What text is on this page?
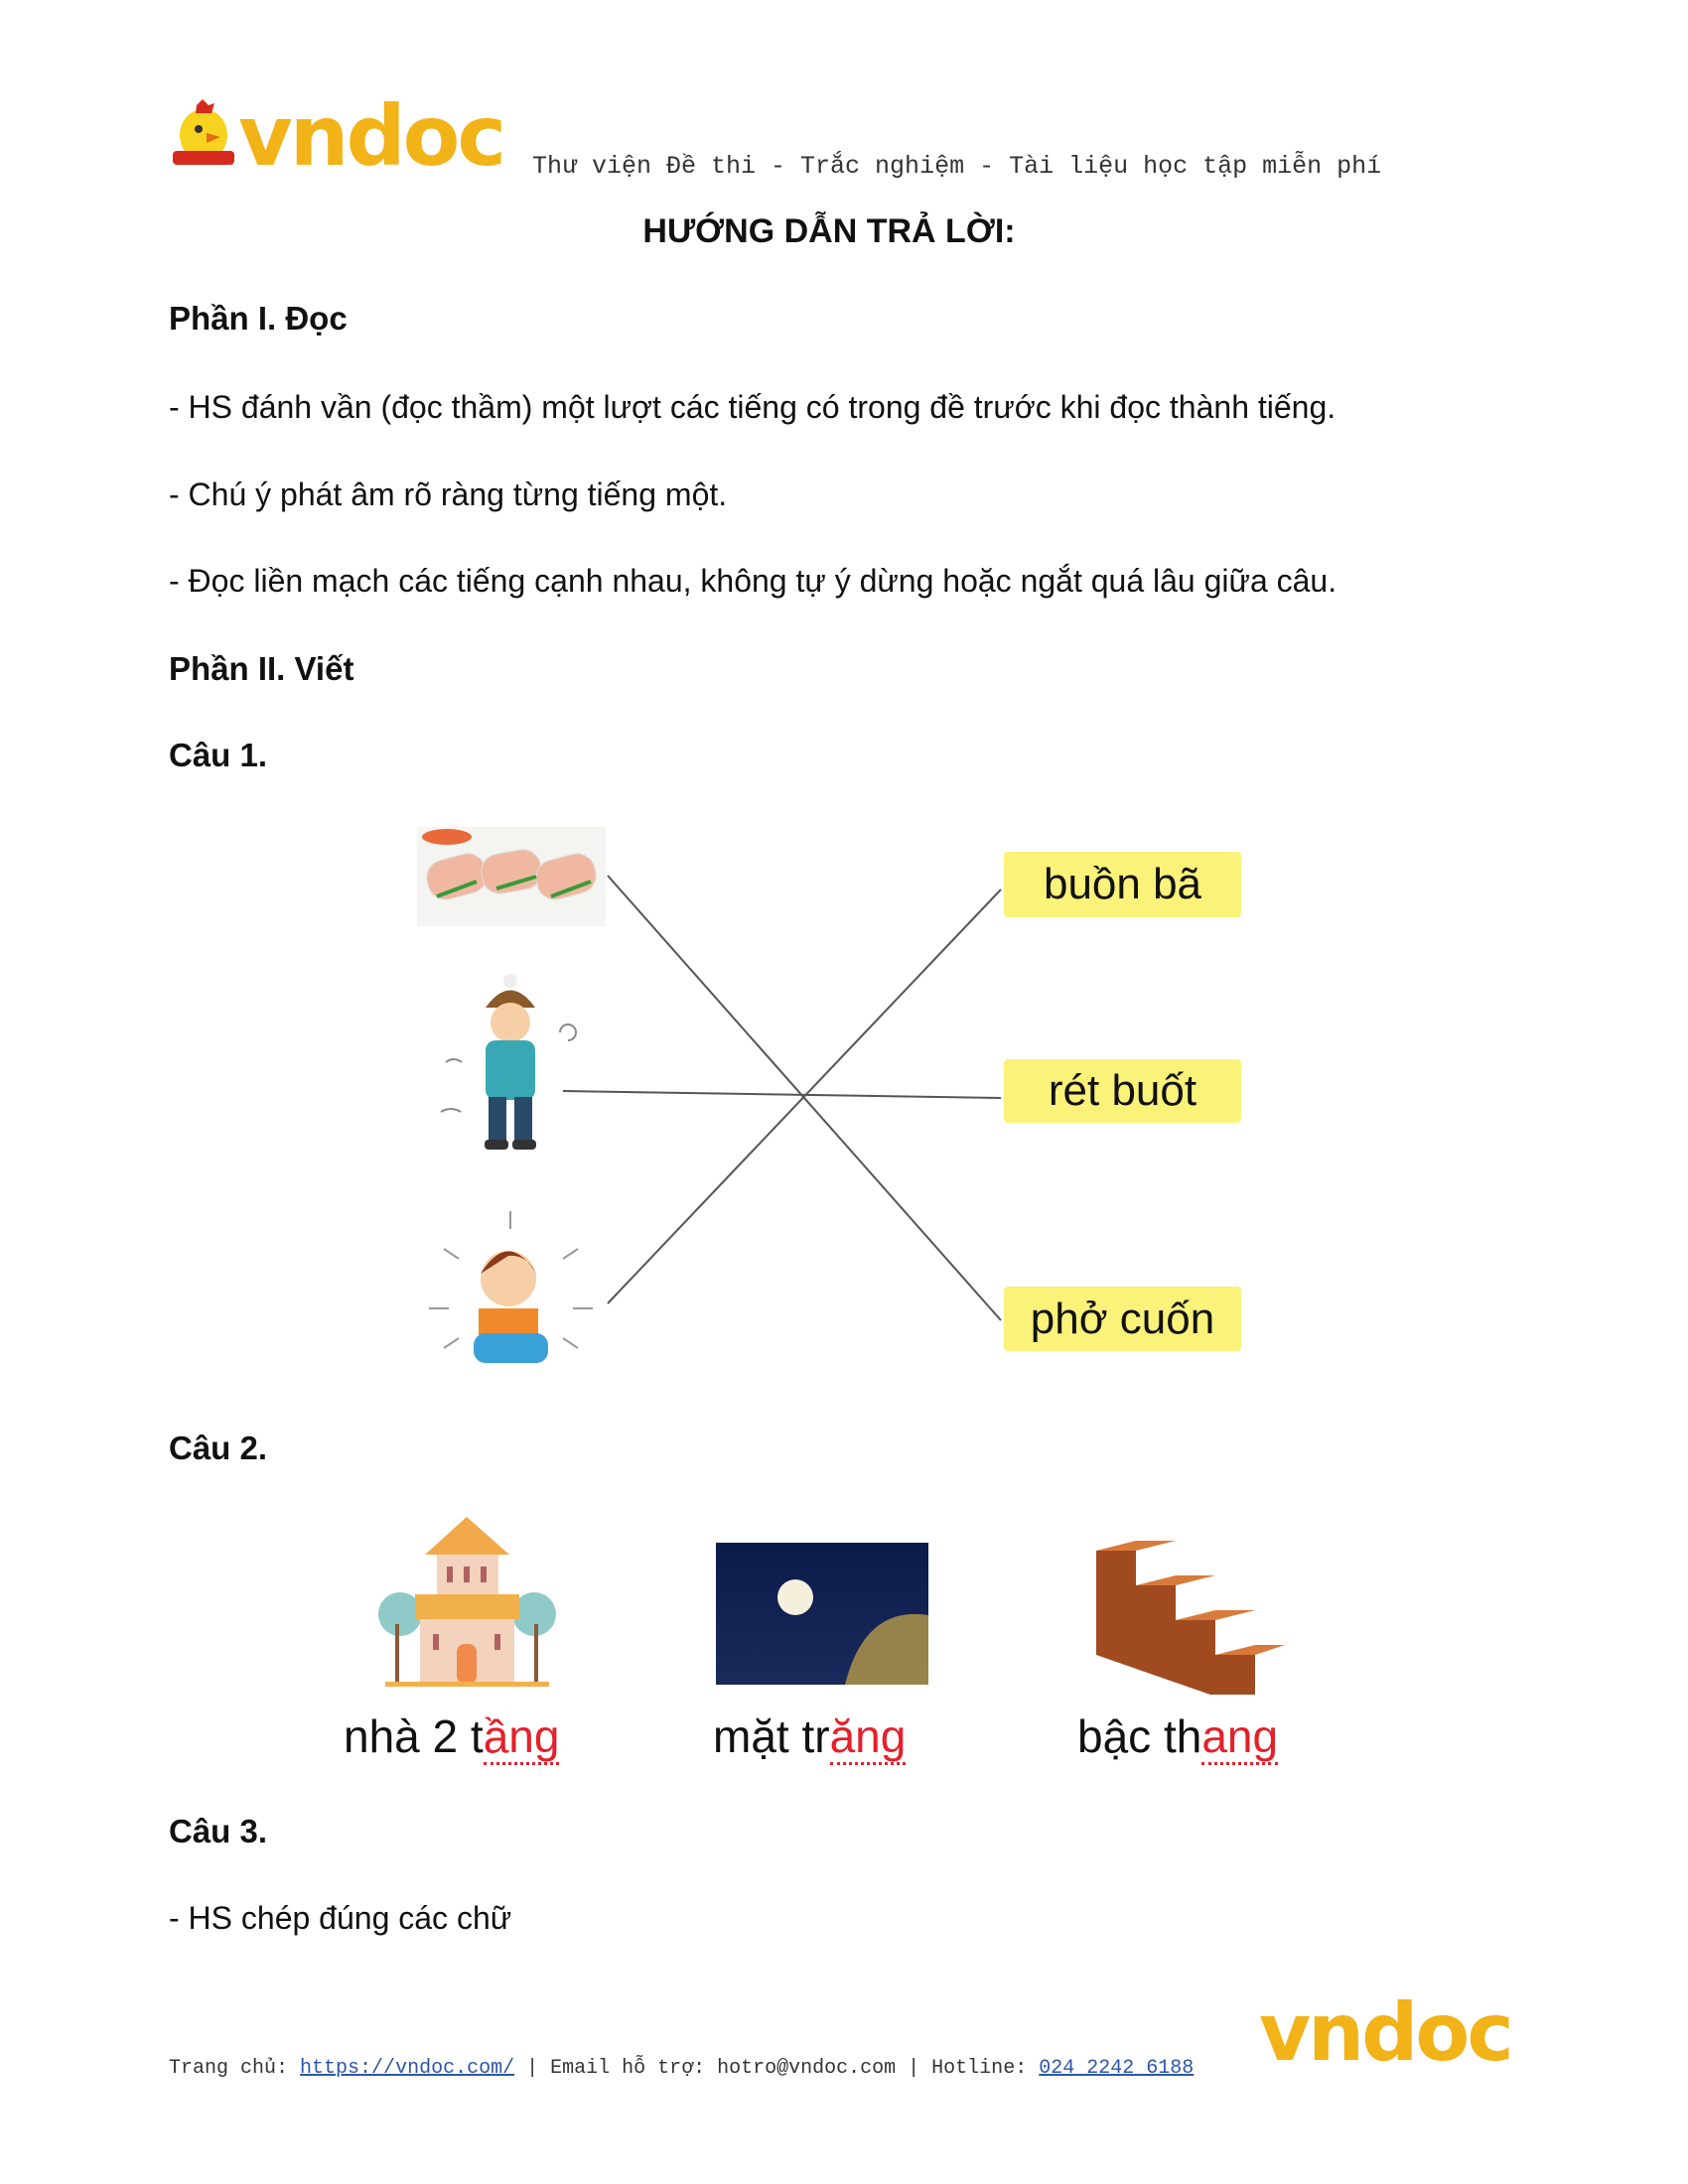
vndoc Thư viện Đề thi - Trắc nghiệm - Tài liệu học tập miễn phí
HƯỚNG DẪN TRẢ LỜI:
Phần I. Đọc
- HS đánh vần (đọc thầm) một lượt các tiếng có trong đề trước khi đọc thành tiếng.
- Chú ý phát âm rõ ràng từng tiếng một.
- Đọc liền mạch các tiếng cạnh nhau, không tự ý dừng hoặc ngắt quá lâu giữa câu.
Phần II. Viết
Câu 1.
buồn bã
rét buốt
phở cuốn
Câu 2.
nhà 2 tầng	mặt trăng	bậc thang
Câu 3.
- HS chép đúng các chữ
Trang chủ: https://vndoc.com/ | Email hỗ trợ: hotro@vndoc.com | Hotline: 024 2242 6188 vndoc
